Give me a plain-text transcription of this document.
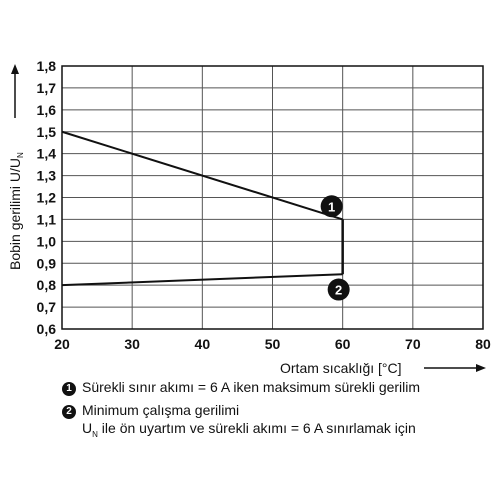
20	30	40	50	60	70	80
0,6
0,7
0,8
0,9
1,0
1,1
1,2
1,3
1,4
1,5
1,6
1,7
1,8
1
2
Ortam sıcaklığı [°C]
Bobin gerilimi $U/U_N$
1 Sürekli sınır akımı = 6 A iken maksimum sürekli gerilim
2 Minimum çalışma gerilimi
$U_N$ ile ön uyartım ve sürekli akımı = 6 A sınırlamak için
